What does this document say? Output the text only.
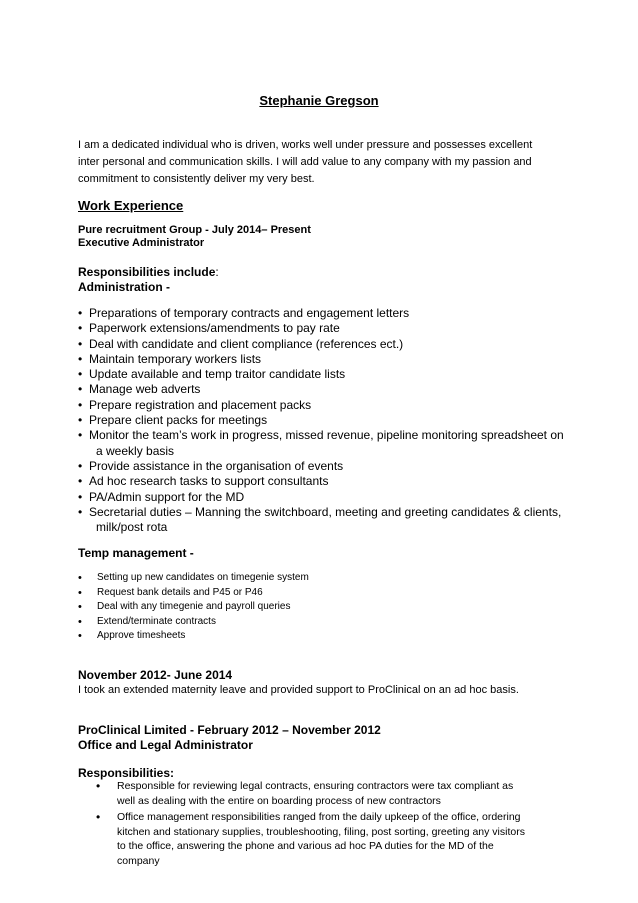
Stephanie Gregson
I am a dedicated individual who is driven, works well under pressure and possesses excellent
inter personal and communication skills. I will add value to any company with my passion and
commitment to consistently deliver my very best.
Work Experience
Pure recruitment Group - July 2014– Present
Executive Administrator
Responsibilities include:
Administration -
• Preparations of temporary contracts and engagement letters
• Paperwork extensions/amendments to pay rate
• Deal with candidate and client compliance (references ect.)
• Maintain temporary workers lists
• Update available and temp traitor candidate lists
• Manage web adverts
• Prepare registration and placement packs
• Prepare client packs for meetings
• Monitor the team’s work in progress, missed revenue, pipeline monitoring spreadsheet on
a weekly basis
• Provide assistance in the organisation of events
• Ad hoc research tasks to support consultants
• PA/Admin support for the MD
• Secretarial duties – Manning the switchboard, meeting and greeting candidates & clients,
milk/post rota
Temp management -
• Setting up new candidates on timegenie system
• Request bank details and P45 or P46
• Deal with any timegenie and payroll queries
• Extend/terminate contracts
• Approve timesheets
November 2012- June 2014
I took an extended maternity leave and provided support to ProClinical on an ad hoc basis.
ProClinical Limited - February 2012 – November 2012
Office and Legal Administrator
Responsibilities:
• Responsible for reviewing legal contracts, ensuring contractors were tax compliant as
well as dealing with the entire on boarding process of new contractors
• Office management responsibilities ranged from the daily upkeep of the office, ordering
kitchen and stationary supplies, troubleshooting, filing, post sorting, greeting any visitors
to the office, answering the phone and various ad hoc PA duties for the MD of the
company
